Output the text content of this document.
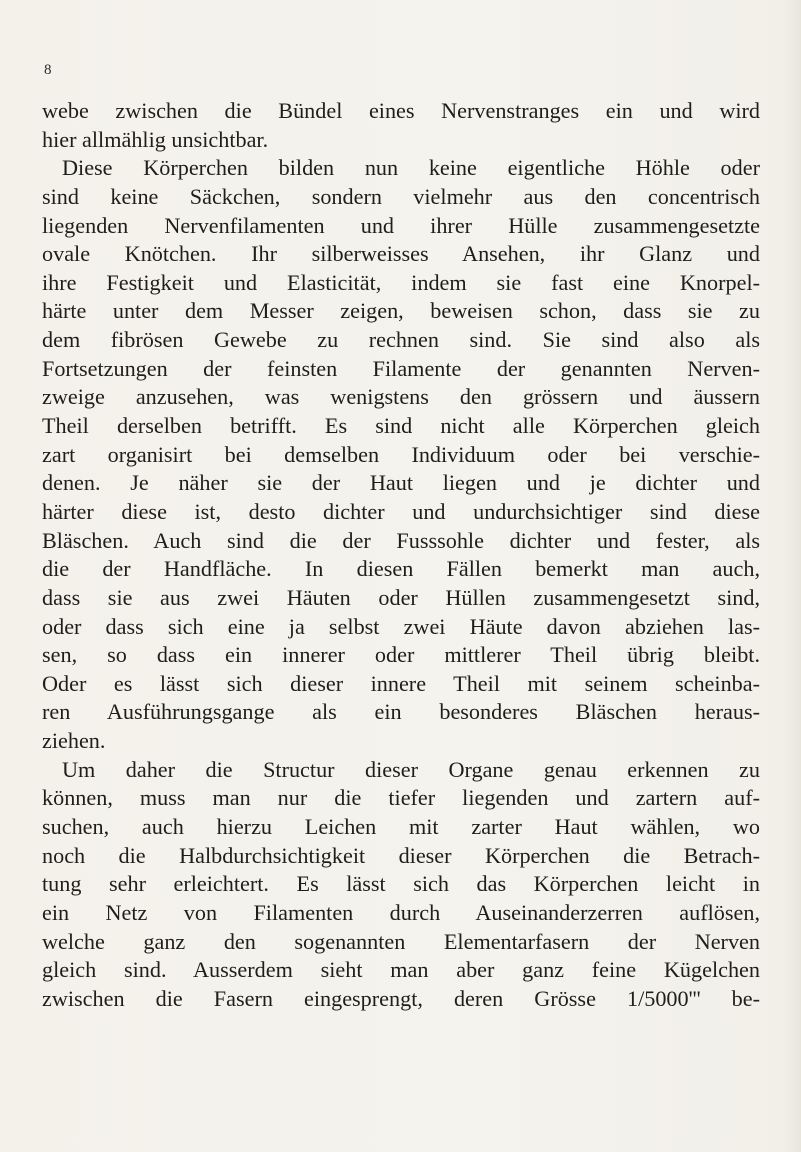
8
webe zwischen die Bündel eines Nervenstranges ein und wird
hier allmählig unsichtbar.
Diese Körperchen bilden nun keine eigentliche Höhle oder
sind keine Säckchen, sondern vielmehr aus den concentrisch
liegenden Nervenfilamenten und ihrer Hülle zusammengesetzte
ovale Knötchen. Ihr silberweisses Ansehen, ihr Glanz und
ihre Festigkeit und Elasticität, indem sie fast eine Knorpel-
härte unter dem Messer zeigen, beweisen schon, dass sie zu
dem fibrösen Gewebe zu rechnen sind. Sie sind also als
Fortsetzungen der feinsten Filamente der genannten Nerven-
zweige anzusehen, was wenigstens den grössern und äussern
Theil derselben betrifft. Es sind nicht alle Körperchen gleich
zart organisirt bei demselben Individuum oder bei verschie-
denen. Je näher sie der Haut liegen und je dichter und
härter diese ist, desto dichter und undurchsichtiger sind diese
Bläschen. Auch sind die der Fusssohle dichter und fester, als
die der Handfläche. In diesen Fällen bemerkt man auch,
dass sie aus zwei Häuten oder Hüllen zusammengesetzt sind,
oder dass sich eine ja selbst zwei Häute davon abziehen las-
sen, so dass ein innerer oder mittlerer Theil übrig bleibt.
Oder es lässt sich dieser innere Theil mit seinem scheinba-
ren Ausführungsgange als ein besonderes Bläschen heraus-
ziehen.
Um daher die Structur dieser Organe genau erkennen zu
können, muss man nur die tiefer liegenden und zartern auf-
suchen, auch hierzu Leichen mit zarter Haut wählen, wo
noch die Halbdurchsichtigkeit dieser Körperchen die Betrach-
tung sehr erleichtert. Es lässt sich das Körperchen leicht in
ein Netz von Filamenten durch Auseinanderzerren auflösen,
welche ganz den sogenannten Elementarfasern der Nerven
gleich sind. Ausserdem sieht man aber ganz feine Kügelchen
zwischen die Fasern eingesprengt, deren Grösse 1/5000''' be-
